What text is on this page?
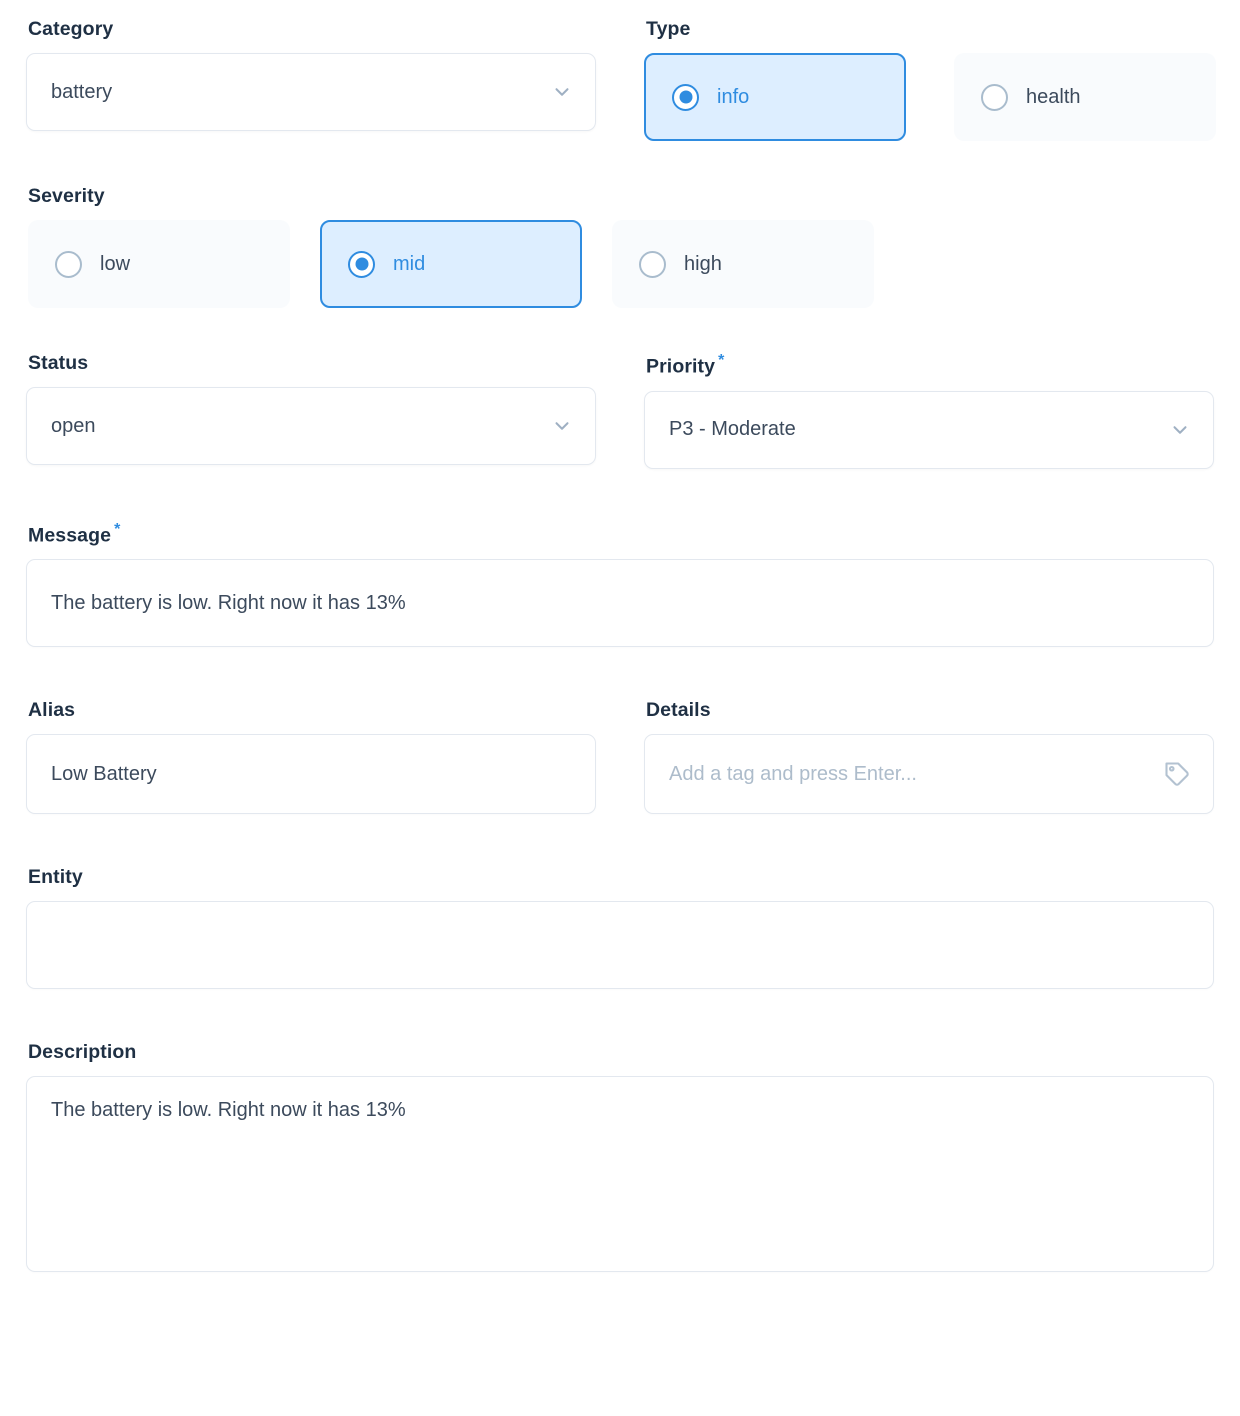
Category
battery
Type
info	health
Severity
low	mid	high
Status
open
Priority *
P3 - Moderate
Message *
The battery is low. Right now it has 13%
Alias
Low Battery
Details
Add a tag and press Enter...
Entity
Description
The battery is low. Right now it has 13%
